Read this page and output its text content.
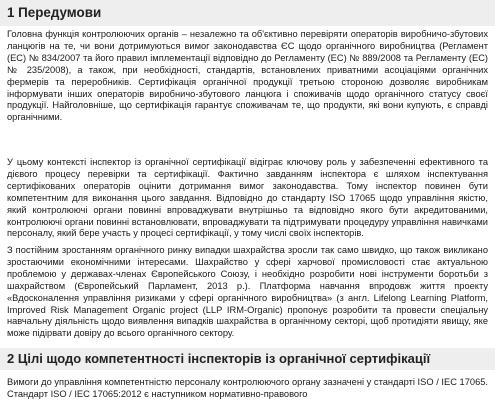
1 Передумови

Головна функція контролюючих органів – незалежно та об'єктивно перевіряти операторів виробничо-збутових ланцюгів на те, чи вони дотримуються вимог законодавства ЄС щодо органічного виробництва (Регламент (ЕС) № 834/2007 та його правил імплементації відповідно до Регламенту (ЕС) № 889/2008 та Регламенту (ЕС) № 235/2008), а також, при необхідності, стандартів, встановлених приватними асоціаціями органічних фермерів та переробників. Сертифікація органічної продукції третьою стороною дозволяє виробникам інформувати інших операторів виробничо-збутового ланцюга і споживачів щодо органічного статусу своєї продукції. Найголовніше, що сертифікація гарантує споживачам те, що продукти, які вони купують, є справді органічними.

У цьому контексті інспектор із органічної сертифікації відіграє ключову роль у забезпеченні ефективного та дієвого процесу перевірки та сертифікації. Фактично завданням інспектора є шляхом інспектування сертифікованих операторів оцінити дотримання вимог законодавства. Тому інспектор повинен бути компетентним для виконання цього завдання. Відповідно до стандарту ISO 17065 щодо управління якістю, який контролюючі органи повинні впроваджувати внутрішньо та відповідно якого бути акредитованими, контролюючі органи повинні встановлювати, впроваджувати та підтримувати процедуру управління навичками персоналу, який бере участь у процесі сертифікації, у тому числі своїх інспекторів.

З постійним зростанням органічного ринку випадки шахрайства зросли так само швидко, що також викликано зростаючими економічними інтересами. Шахрайство у сфері харчової промисловості стає актуальною проблемою у державах-членах Європейського Союзу, і необхідно розробити нові інструменти боротьби з шахрайством (Європейський Парламент, 2013 р.). Платформа навчання впродовж життя проекту «Вдосконалення управління ризиками у сфері органічного виробництва» (з англ. Lifelong Learning Platform, Improved Risk Management Organic project (LLP IRM-Organic) пропонує розробити та провести спеціальну навчальну діяльність щодо виявлення випадків шахрайства в органічному секторі, щоб протидіяти явищу, яке може підірвати довіру до всього органічного сектору.

2 Цілі щодо компетентності інспекторів із органічної сертифікації

Вимоги до управління компетентністю персоналу контролюючого органу зазначені у стандарті ISO / IEC 17065. Стандарт ISO / IEC 17065:2012 є наступником нормативно-правового
